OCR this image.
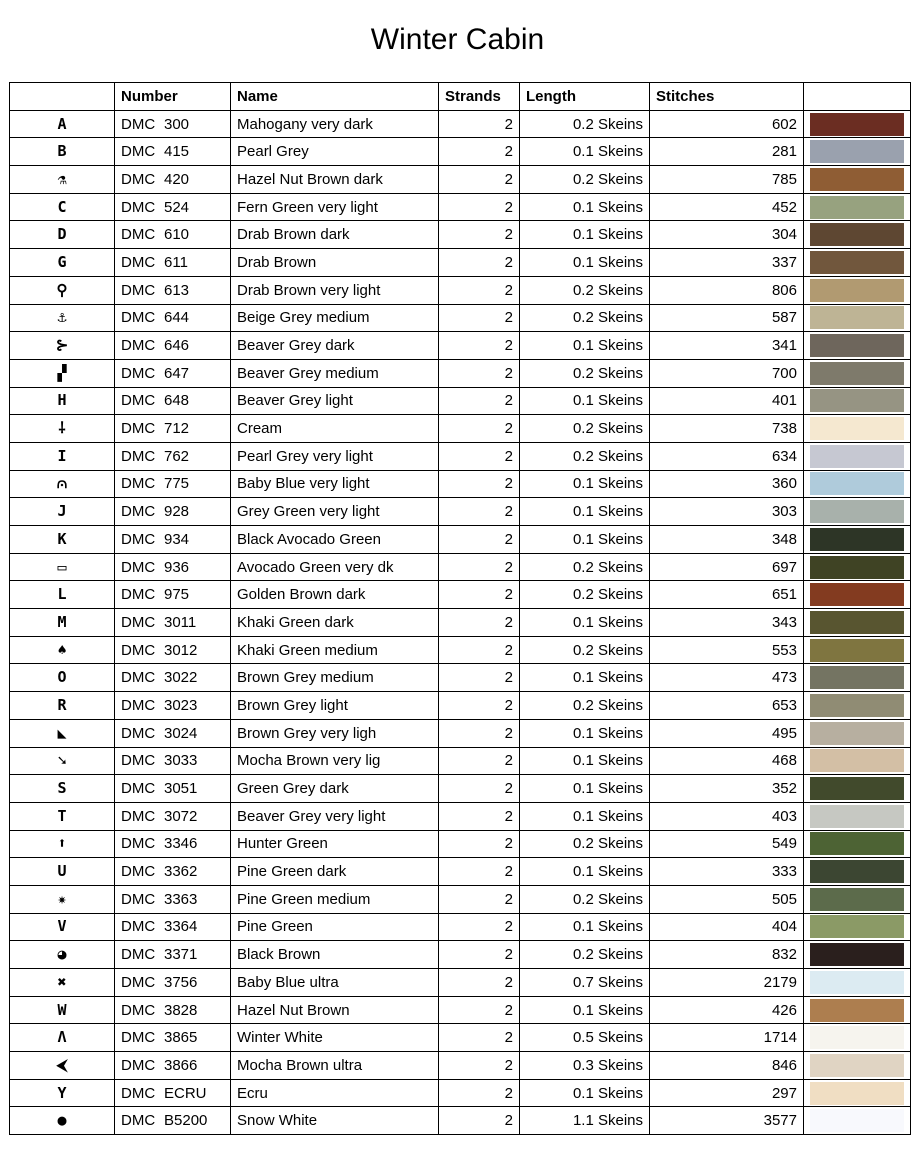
Winter Cabin
	Number	Name	Strands	Length	Stitches	
A	DMC 300	Mahogany very dark	2	0.2 Skeins	602	

B	DMC 415	Pearl Grey	2	0.1 Skeins	281	

⚗	DMC 420	Hazel Nut Brown dark	2	0.2 Skeins	785	

C	DMC 524	Fern Green very light	2	0.1 Skeins	452	

D	DMC 610	Drab Brown dark	2	0.1 Skeins	304	

G	DMC 611	Drab Brown	2	0.1 Skeins	337	

⚲	DMC 613	Drab Brown very light	2	0.2 Skeins	806	

⚓	DMC 644	Beige Grey medium	2	0.2 Skeins	587	

⊱	DMC 646	Beaver Grey dark	2	0.1 Skeins	341	

▞	DMC 647	Beaver Grey medium	2	0.2 Skeins	700	

H	DMC 648	Beaver Grey light	2	0.1 Skeins	401	

⸸	DMC 712	Cream	2	0.2 Skeins	738	

I	DMC 762	Pearl Grey very light	2	0.2 Skeins	634	

⩀	DMC 775	Baby Blue very light	2	0.1 Skeins	360	

J	DMC 928	Grey Green very light	2	0.1 Skeins	303	

K	DMC 934	Black Avocado Green	2	0.1 Skeins	348	

▭	DMC 936	Avocado Green very dk	2	0.2 Skeins	697	

L	DMC 975	Golden Brown dark	2	0.2 Skeins	651	

M	DMC 3011	Khaki Green dark	2	0.1 Skeins	343	

♠	DMC 3012	Khaki Green medium	2	0.2 Skeins	553	

O	DMC 3022	Brown Grey medium	2	0.1 Skeins	473	

R	DMC 3023	Brown Grey light	2	0.2 Skeins	653	

◣	DMC 3024	Brown Grey very ligh	2	0.1 Skeins	495	

➘	DMC 3033	Mocha Brown very lig	2	0.1 Skeins	468	

S	DMC 3051	Green Grey dark	2	0.1 Skeins	352	

T	DMC 3072	Beaver Grey very light	2	0.1 Skeins	403	

⬆	DMC 3346	Hunter Green	2	0.2 Skeins	549	

U	DMC 3362	Pine Green dark	2	0.1 Skeins	333	

✷	DMC 3363	Pine Green medium	2	0.2 Skeins	505	

V	DMC 3364	Pine Green	2	0.1 Skeins	404	

◕	DMC 3371	Black Brown	2	0.2 Skeins	832	

✖	DMC 3756	Baby Blue ultra	2	0.7 Skeins	2179	

W	DMC 3828	Hazel Nut Brown	2	0.1 Skeins	426	

Λ	DMC 3865	Winter White	2	0.5 Skeins	1714	

⮜	DMC 3866	Mocha Brown ultra	2	0.3 Skeins	846	

Y	DMC ECRU	Ecru	2	0.1 Skeins	297	

●	DMC B5200	Snow White	2	1.1 Skeins	3577	
